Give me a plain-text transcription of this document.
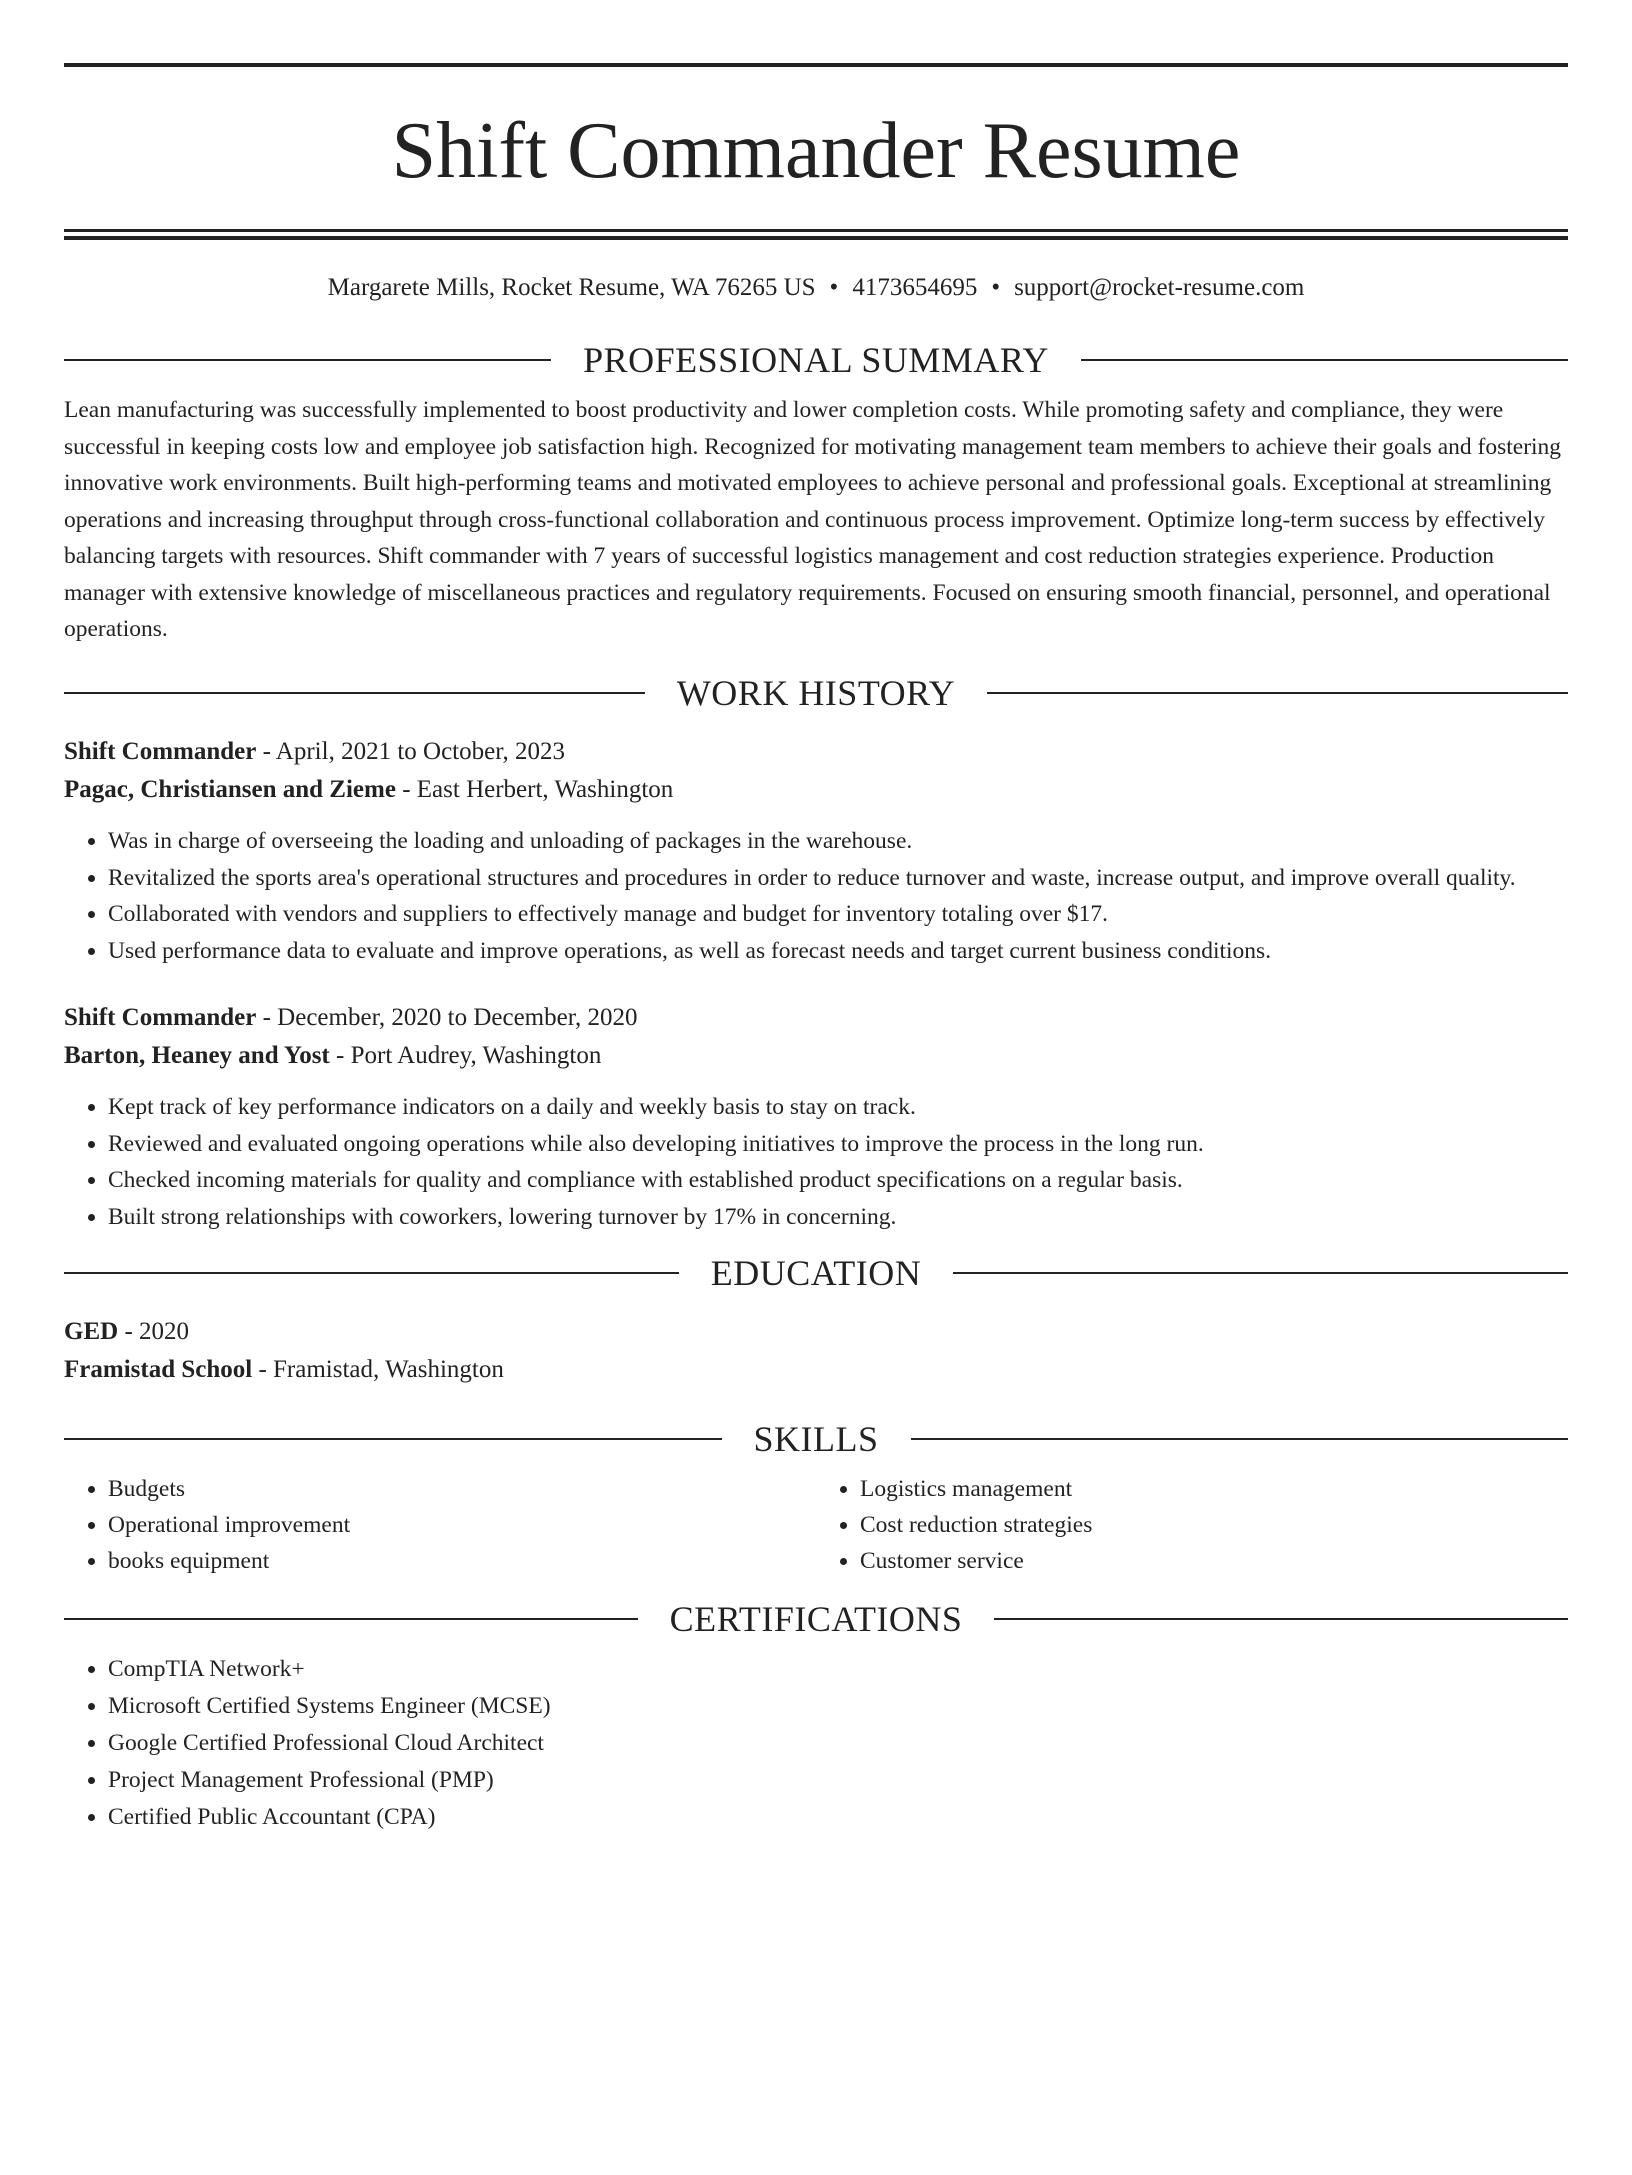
Shift Commander Resume
Margarete Mills, Rocket Resume, WA 76265 US • 4173654695 • support@rocket-resume.com
PROFESSIONAL SUMMARY

Lean manufacturing was successfully implemented to boost productivity and lower completion costs. While promoting safety and compliance, they were successful in keeping costs low and employee job satisfaction high. Recognized for motivating management team members to achieve their goals and fostering innovative work environments. Built high-performing teams and motivated employees to achieve personal and professional goals. Exceptional at streamlining operations and increasing throughput through cross-functional collaboration and continuous process improvement. Optimize long-term success by effectively balancing targets with resources. Shift commander with 7 years of successful logistics management and cost reduction strategies experience. Production manager with extensive knowledge of miscellaneous practices and regulatory requirements. Focused on ensuring smooth financial, personnel, and operational operations.

WORK HISTORY
Shift Commander - April, 2021 to October, 2023
Pagac, Christiansen and Zieme - East Herbert, Washington
• Was in charge of overseeing the loading and unloading of packages in the warehouse.
• Revitalized the sports area's operational structures and procedures in order to reduce turnover and waste, increase output, and improve overall quality.
• Collaborated with vendors and suppliers to effectively manage and budget for inventory totaling over $17.
• Used performance data to evaluate and improve operations, as well as forecast needs and target current business conditions.
Shift Commander - December, 2020 to December, 2020
Barton, Heaney and Yost - Port Audrey, Washington
• Kept track of key performance indicators on a daily and weekly basis to stay on track.
• Reviewed and evaluated ongoing operations while also developing initiatives to improve the process in the long run.
• Checked incoming materials for quality and compliance with established product specifications on a regular basis.
• Built strong relationships with coworkers, lowering turnover by 17% in concerning.
EDUCATION
GED - 2020
Framistad School - Framistad, Washington
SKILLS
• Budgets
• Operational improvement
• books equipment
• Logistics management
• Cost reduction strategies
• Customer service
CERTIFICATIONS
• CompTIA Network+
• Microsoft Certified Systems Engineer (MCSE)
• Google Certified Professional Cloud Architect
• Project Management Professional (PMP)
• Certified Public Accountant (CPA)
